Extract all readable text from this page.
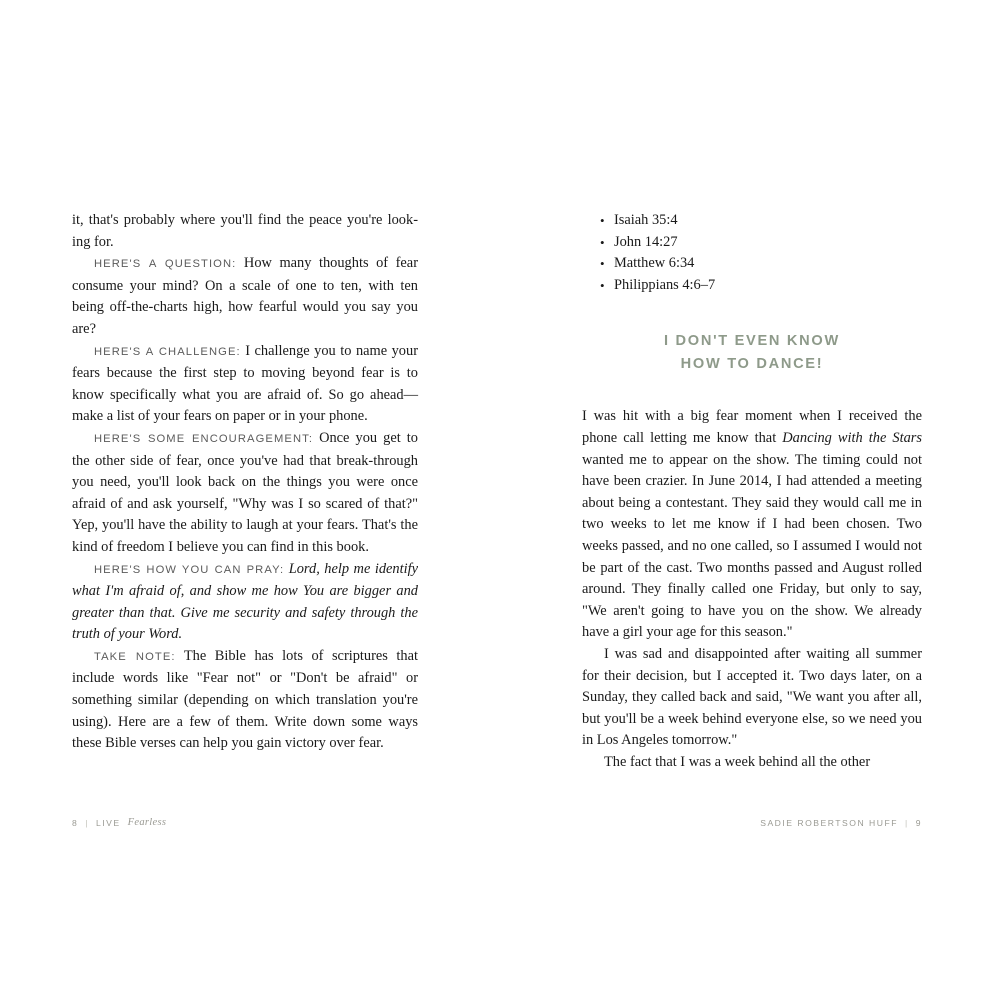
it, that's probably where you'll find the peace you're look-ing for.

HERE'S A QUESTION: How many thoughts of fear consume your mind? On a scale of one to ten, with ten being off-the-charts high, how fearful would you say you are?

HERE'S A CHALLENGE: I challenge you to name your fears because the first step to moving beyond fear is to know specifically what you are afraid of. So go ahead—make a list of your fears on paper or in your phone.

HERE'S SOME ENCOURAGEMENT: Once you get to the other side of fear, once you've had that break-through you need, you'll look back on the things you were once afraid of and ask yourself, "Why was I so scared of that?" Yep, you'll have the ability to laugh at your fears. That's the kind of freedom I believe you can find in this book.

HERE'S HOW YOU CAN PRAY: Lord, help me identify what I'm afraid of, and show me how You are bigger and greater than that. Give me security and safety through the truth of your Word.

TAKE NOTE: The Bible has lots of scriptures that include words like "Fear not" or "Don't be afraid" or something similar (depending on which translation you're using). Here are a few of them. Write down some ways these Bible verses can help you gain victory over fear.

8 | LIVE Fearless
• Isaiah 35:4
• John 14:27
• Matthew 6:34
• Philippians 4:6–7
I DON'T EVEN KNOW
HOW TO DANCE!

I was hit with a big fear moment when I received the phone call letting me know that Dancing with the Stars wanted me to appear on the show. The timing could not have been crazier. In June 2014, I had attended a meeting about being a contestant. They said they would call me in two weeks to let me know if I had been chosen. Two weeks passed, and no one called, so I assumed I would not be part of the cast. Two months passed and August rolled around. They finally called one Friday, but only to say, "We aren't going to have you on the show. We already have a girl your age for this season."

I was sad and disappointed after waiting all summer for their decision, but I accepted it. Two days later, on a Sunday, they called back and said, "We want you after all, but you'll be a week behind everyone else, so we need you in Los Angeles tomorrow."

The fact that I was a week behind all the other

SADIE ROBERTSON HUFF | 9
